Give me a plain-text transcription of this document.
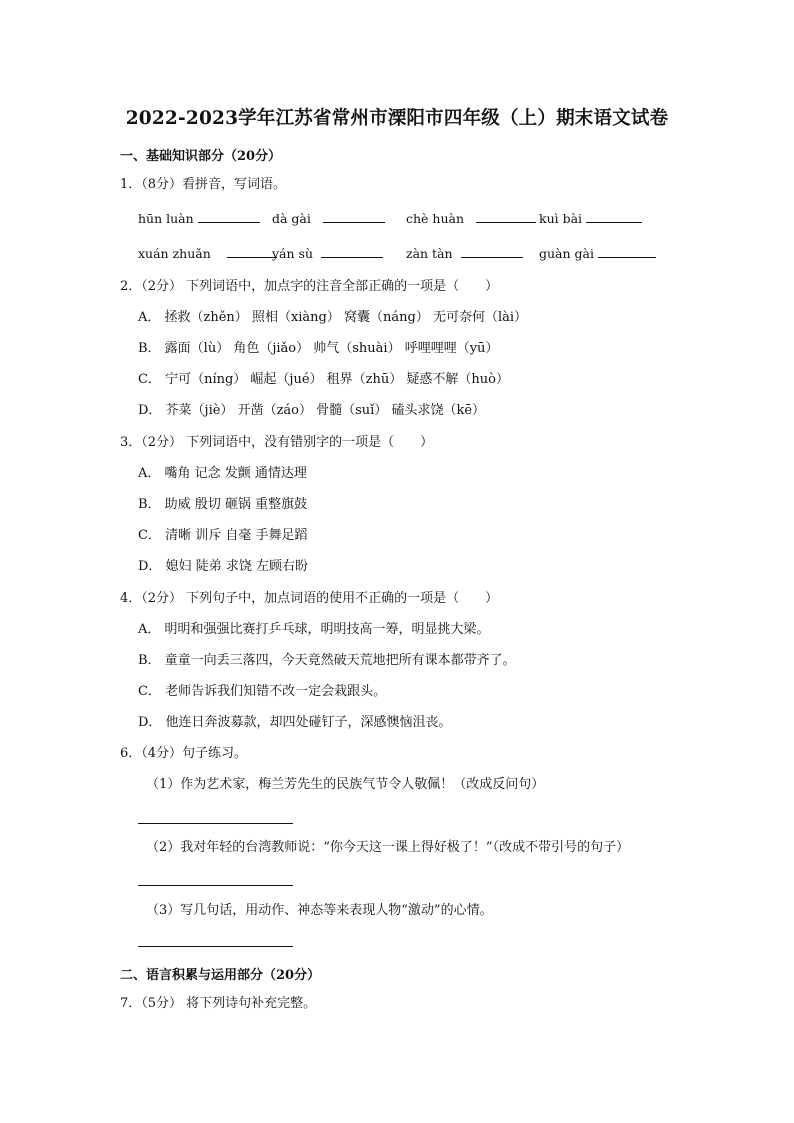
2022-2023学年江苏省常州市溧阳市四年级（上）期末语文试卷
一、基础知识部分（20分）
1．（8分）看拼音，写词语。
hūn luàn	dà gài	chè huàn	kuì bài
xuán zhuǎn	yán sù	zàn tàn	guàn gài
2．（2分） 下列词语中，加点字的注音全部正确的一项是（　　）
A． 拯救（zhěn） 照相（xiàng） 窝囊（náng） 无可奈何（lài）
B． 露面（lù） 角色（jiǎo） 帅气（shuài） 呼哩哩哩（yū）
C． 宁可（níng） 崛起（jué） 租界（zhū） 疑惑不解（huò）
D． 芥菜（jiè） 开凿（záo） 骨髓（suǐ） 磕头求饶（kē）
3．（2分） 下列词语中，没有错别字的一项是（　　）
A． 嘴角 记念 发颤 通情达理
B． 助威 殷切 砸锅 重整旗鼓
C． 清晰 训斥 自毫 手舞足蹈
D． 媳妇 陡弟 求饶 左顾右盼
4．（2分） 下列句子中，加点词语的使用不正确的一项是（　　）
A． 明明和强强比赛打乒乓球，明明技高一筹，明显挑大梁。
B． 童童一向丢三落四，今天竟然破天荒地把所有课本都带齐了。
C． 老师告诉我们知错不改一定会栽跟头。
D． 他连日奔波募款，却四处碰钉子，深感懊恼沮丧。
6．（4分）句子练习。
（1）作为艺术家，梅兰芳先生的民族气节令人敬佩！（改成反问句）
（2）我对年轻的台湾教师说：“你今天这一课上得好极了！”（改成不带引号的句子）
（3）写几句话，用动作、神态等来表现人物“激动”的心情。
二、语言积累与运用部分（20分）
7．（5分） 将下列诗句补充完整。
